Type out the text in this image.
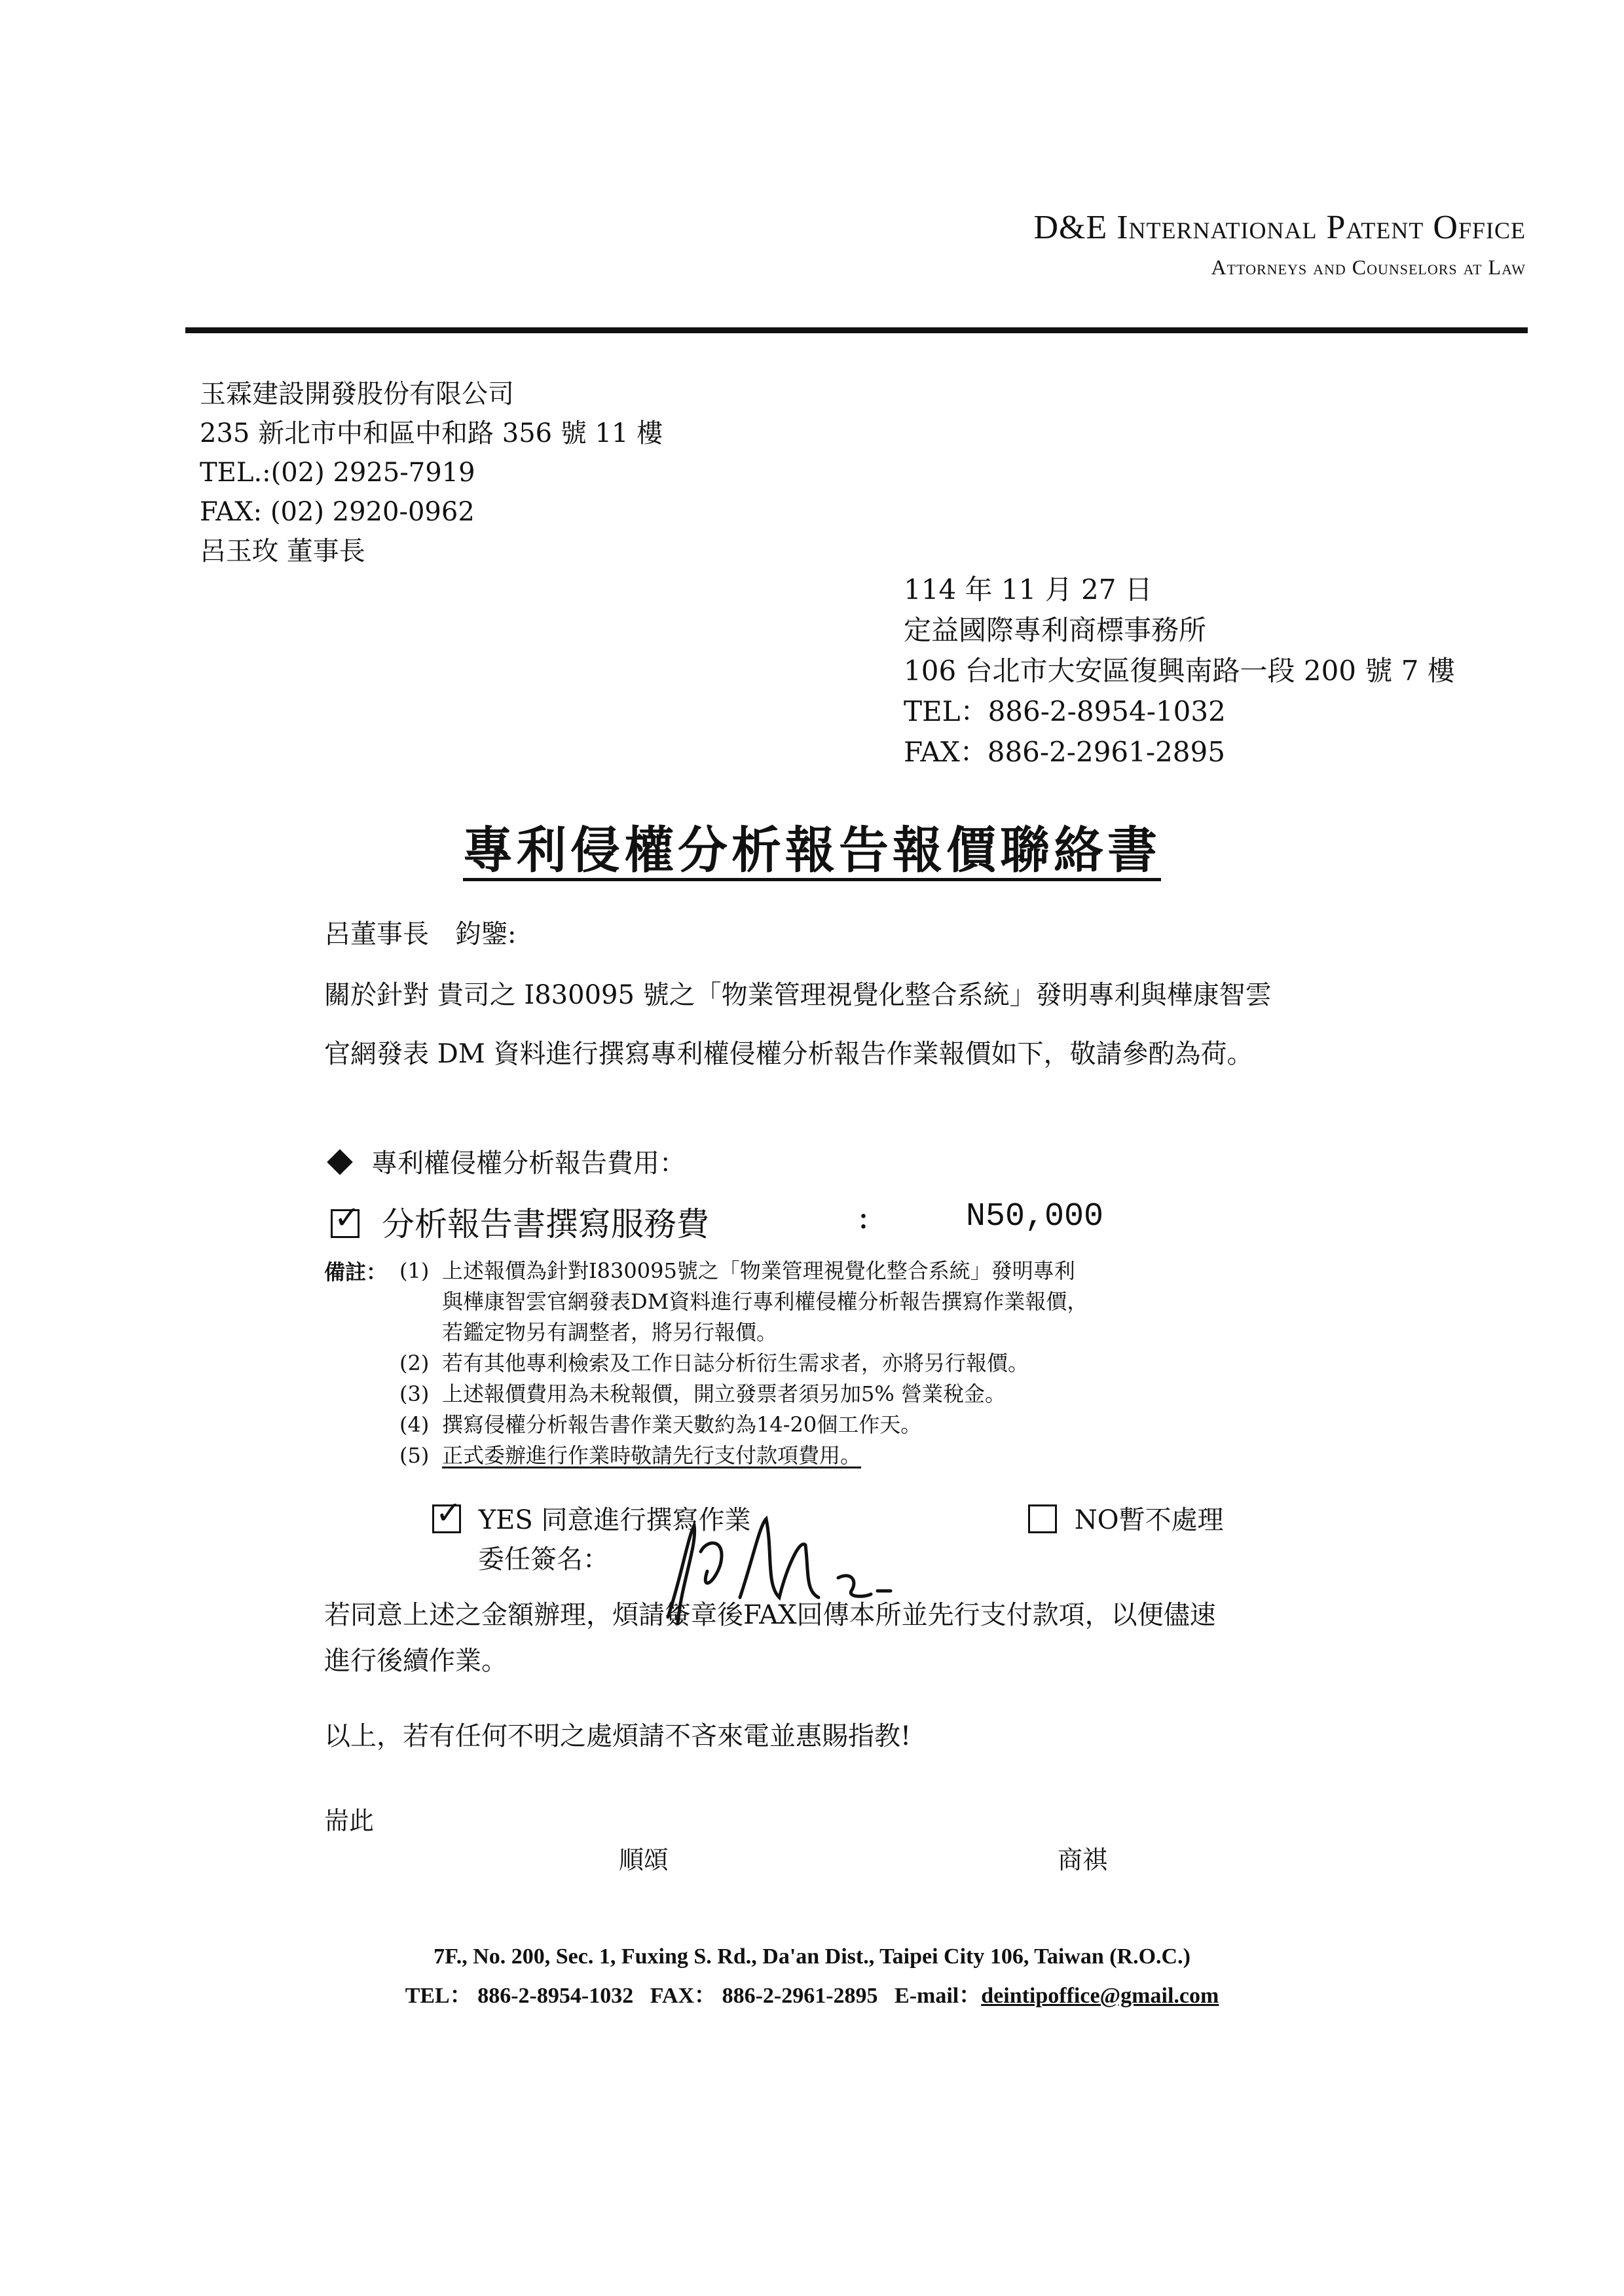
D&E International Patent Office
Attorneys and Counselors at Law
玉霖建設開發股份有限公司
235 新北市中和區中和路 356 號 11 樓
TEL.:(02) 2925-7919
FAX: (02) 2920-0962
呂玉玫 董事長
114 年 11 月 27 日
定益國際專利商標事務所
106 台北市大安區復興南路一段 200 號 7 樓
TEL：886-2-8954-1032
FAX：886-2-2961-2895
專利侵權分析報告報價聯絡書
呂董事長　鈞鑒:
關於針對 貴司之 I830095 號之「物業管理視覺化整合系統」發明專利與樺康智雲
官網發表 DM 資料進行撰寫專利權侵權分析報告作業報價如下，敬請參酌為荷。
專利權侵權分析報告費用：
✓ 分析報告書撰寫服務費	:	N50,000
備註： (1) 上述報價為針對I830095號之「物業管理視覺化整合系統」發明專利
與樺康智雲官網發表DM資料進行專利權侵權分析報告撰寫作業報價，
若鑑定物另有調整者，將另行報價。
(2) 若有其他專利檢索及工作日誌分析衍生需求者，亦將另行報價。
(3) 上述報價費用為未稅報價，開立發票者須另加5% 營業稅金。
(4) 撰寫侵權分析報告書作業天數約為14-20個工作天。
(5) 正式委辦進行作業時敬請先行支付款項費用。
✓ YES 同意進行撰寫作業	NO暫不處理
委任簽名：
若同意上述之金額辦理，煩請簽章後FAX回傳本所並先行支付款項，以便儘速
進行後續作業。
以上，若有任何不明之處煩請不吝來電並惠賜指教!
耑此
順頌	商祺
7F., No. 200, Sec. 1, Fuxing S. Rd., Da'an Dist., Taipei City 106, Taiwan (R.O.C.)
TEL： 886-2-8954-1032 FAX： 886-2-2961-2895 E-mail：deintipoffice@gmail.com
